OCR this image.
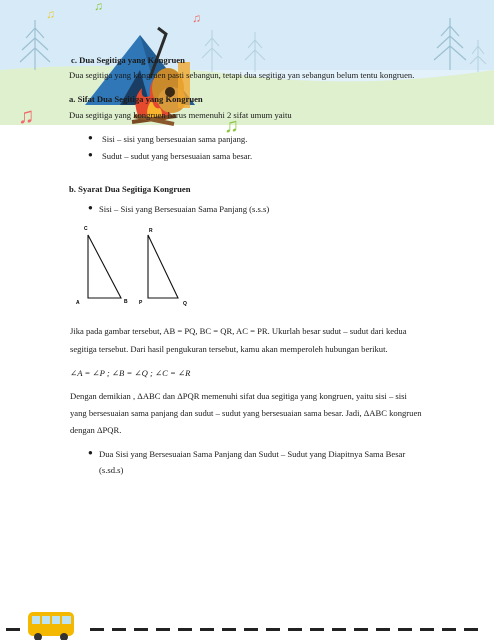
♫
♫
♫
♫	♫
c. Dua Segitiga yang Kongruen
Dua segitiga yang kongruen pasti sebangun, tetapi dua segitiga yan sebangun belum tentu kongruen.
a. Sifat Dua Segitiga yang Kongruen
Dua segitiga yang kongruen harus memenuhi 2 sifat umum yaitu
● Sisi – sisi yang bersesuaian sama panjang.
● Sudut – sudut yang bersesuaian sama besar.
b. Syarat Dua Segitiga Kongruen
● Sisi – Sisi yang Bersesuaian Sama Panjang (s.s.s)
C
A	B
R
P	Q
Jika pada gambar tersebut, AB = PQ, BC = QR, AC = PR. Ukurlah besar sudut – sudut dari kedua
segitiga tersebut. Dari hasil pengukuran tersebut, kamu akan memperoleh hubungan berikut.
∠A = ∠P ; ∠B = ∠Q ; ∠C = ∠R
Dengan demikian , ΔABC dan ΔPQR memenuhi sifat dua segitiga yang kongruen, yaitu sisi – sisi
yang bersesuaian sama panjang dan sudut – sudut yang bersesuaian sama besar. Jadi, ΔABC kongruen
dengan ΔPQR.
● Dua Sisi yang Bersesuaian Sama Panjang dan Sudut – Sudut yang Diapitnya Sama Besar
(s.sd.s)
